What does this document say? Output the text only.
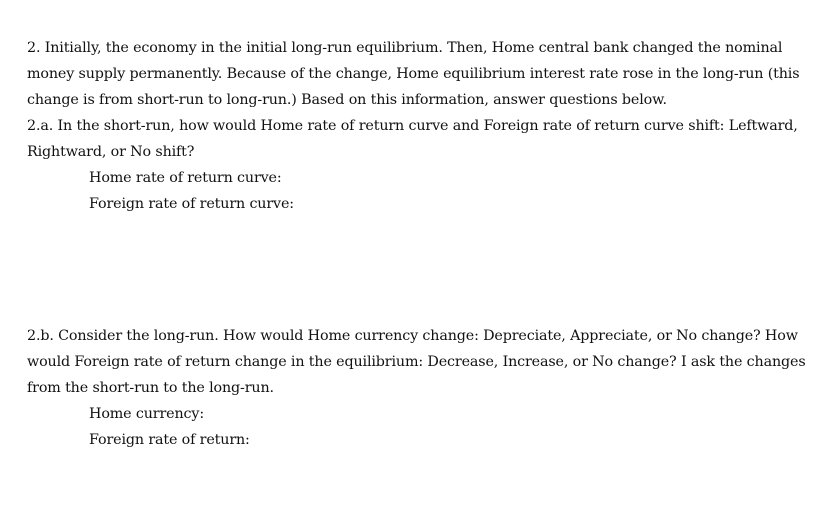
2. Initially, the economy in the initial long-run equilibrium. Then, Home central bank changed the nominal
money supply permanently. Because of the change, Home equilibrium interest rate rose in the long-run (this
change is from short-run to long-run.) Based on this information, answer questions below.
2.a. In the short-run, how would Home rate of return curve and Foreign rate of return curve shift: Leftward,
Rightward, or No shift?
Home rate of return curve:
Foreign rate of return curve:
2.b. Consider the long-run. How would Home currency change: Depreciate, Appreciate, or No change? How
would Foreign rate of return change in the equilibrium: Decrease, Increase, or No change? I ask the changes
from the short-run to the long-run.
Home currency:
Foreign rate of return:
